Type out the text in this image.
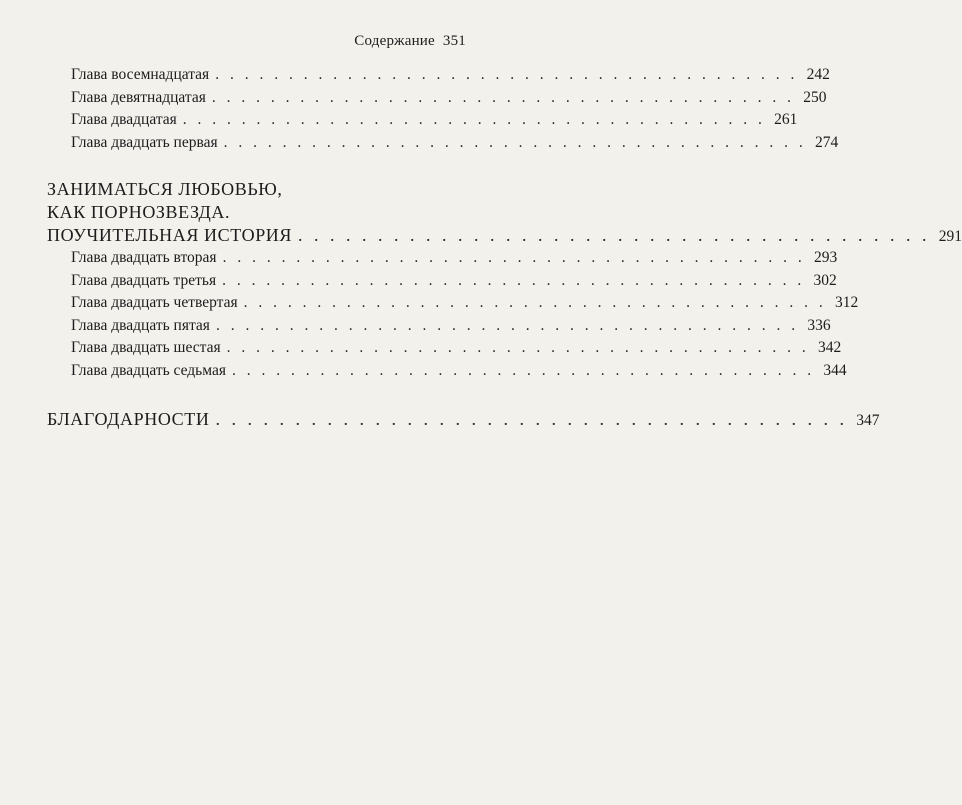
Содержание 351
Глава восемнадцатая . . . . . . . . . . . . . . . . . . . . . . . . . . . . . . . . . . . . . . . . 242
Глава девятнадцатая . . . . . . . . . . . . . . . . . . . . . . . . . . . . . . . . . . . . . . . . 250
Глава двадцатая . . . . . . . . . . . . . . . . . . . . . . . . . . . . . . . . . . . . . . . . 261
Глава двадцать первая . . . . . . . . . . . . . . . . . . . . . . . . . . . . . . . . . . . . . . . . 274
ЗАНИМАТЬСЯ ЛЮБОВЬЮ,
КАК ПОРНОЗВЕЗДА.
ПОУЧИТЕЛЬНАЯ ИСТОРИЯ . . . . . . . . . . . . . . . . . . . . . . . . . . . . . . . . . . . . . . . . 291
Глава двадцать вторая . . . . . . . . . . . . . . . . . . . . . . . . . . . . . . . . . . . . . . . . 293
Глава двадцать третья . . . . . . . . . . . . . . . . . . . . . . . . . . . . . . . . . . . . . . . . 302
Глава двадцать четвертая . . . . . . . . . . . . . . . . . . . . . . . . . . . . . . . . . . . . . . . . 312
Глава двадцать пятая . . . . . . . . . . . . . . . . . . . . . . . . . . . . . . . . . . . . . . . . 336
Глава двадцать шестая . . . . . . . . . . . . . . . . . . . . . . . . . . . . . . . . . . . . . . . . 342
Глава двадцать седьмая . . . . . . . . . . . . . . . . . . . . . . . . . . . . . . . . . . . . . . . . 344
БЛАГОДАРНОСТИ . . . . . . . . . . . . . . . . . . . . . . . . . . . . . . . . . . . . . . . . 347
